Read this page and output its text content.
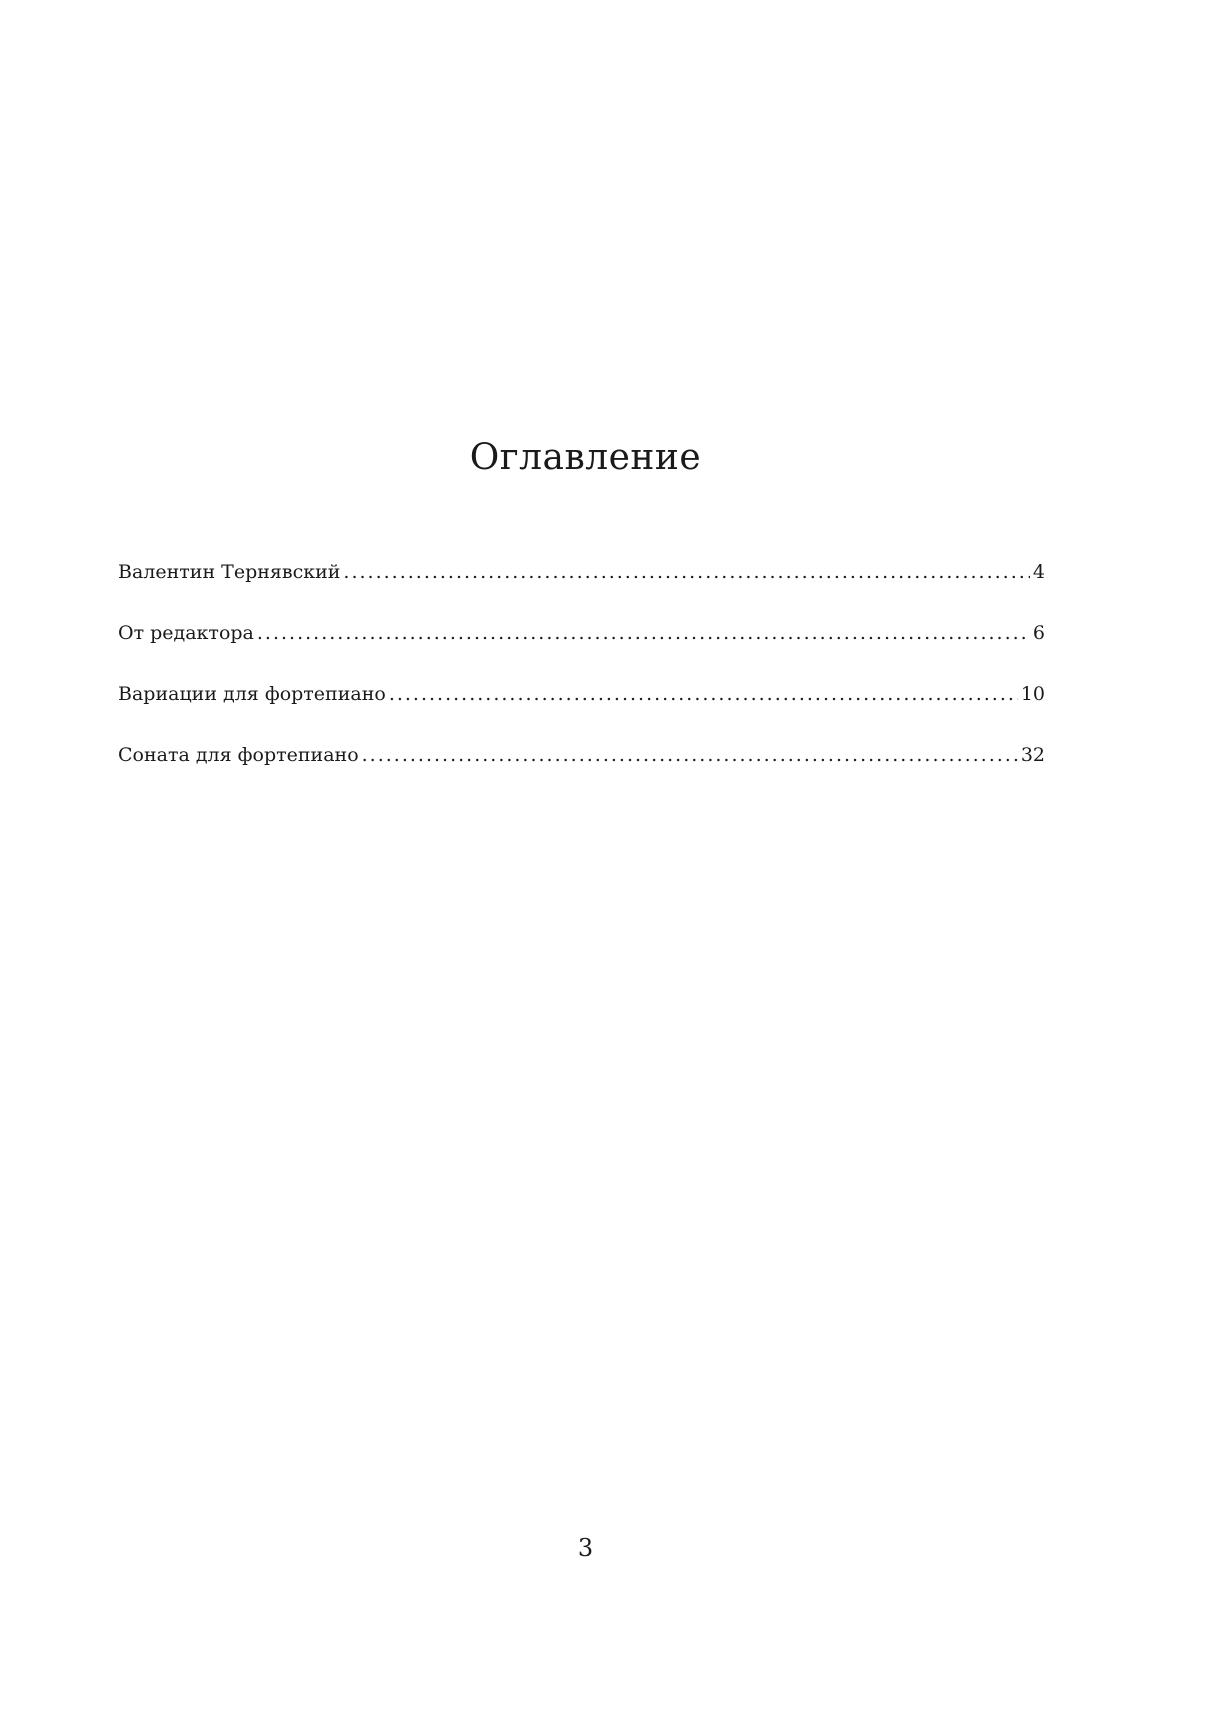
Оглавление
Валентин Тернявский .....	4
От редактора .....	6
Вариации для фортепиано .....	10
Соната для фортепиано .....	32
3
